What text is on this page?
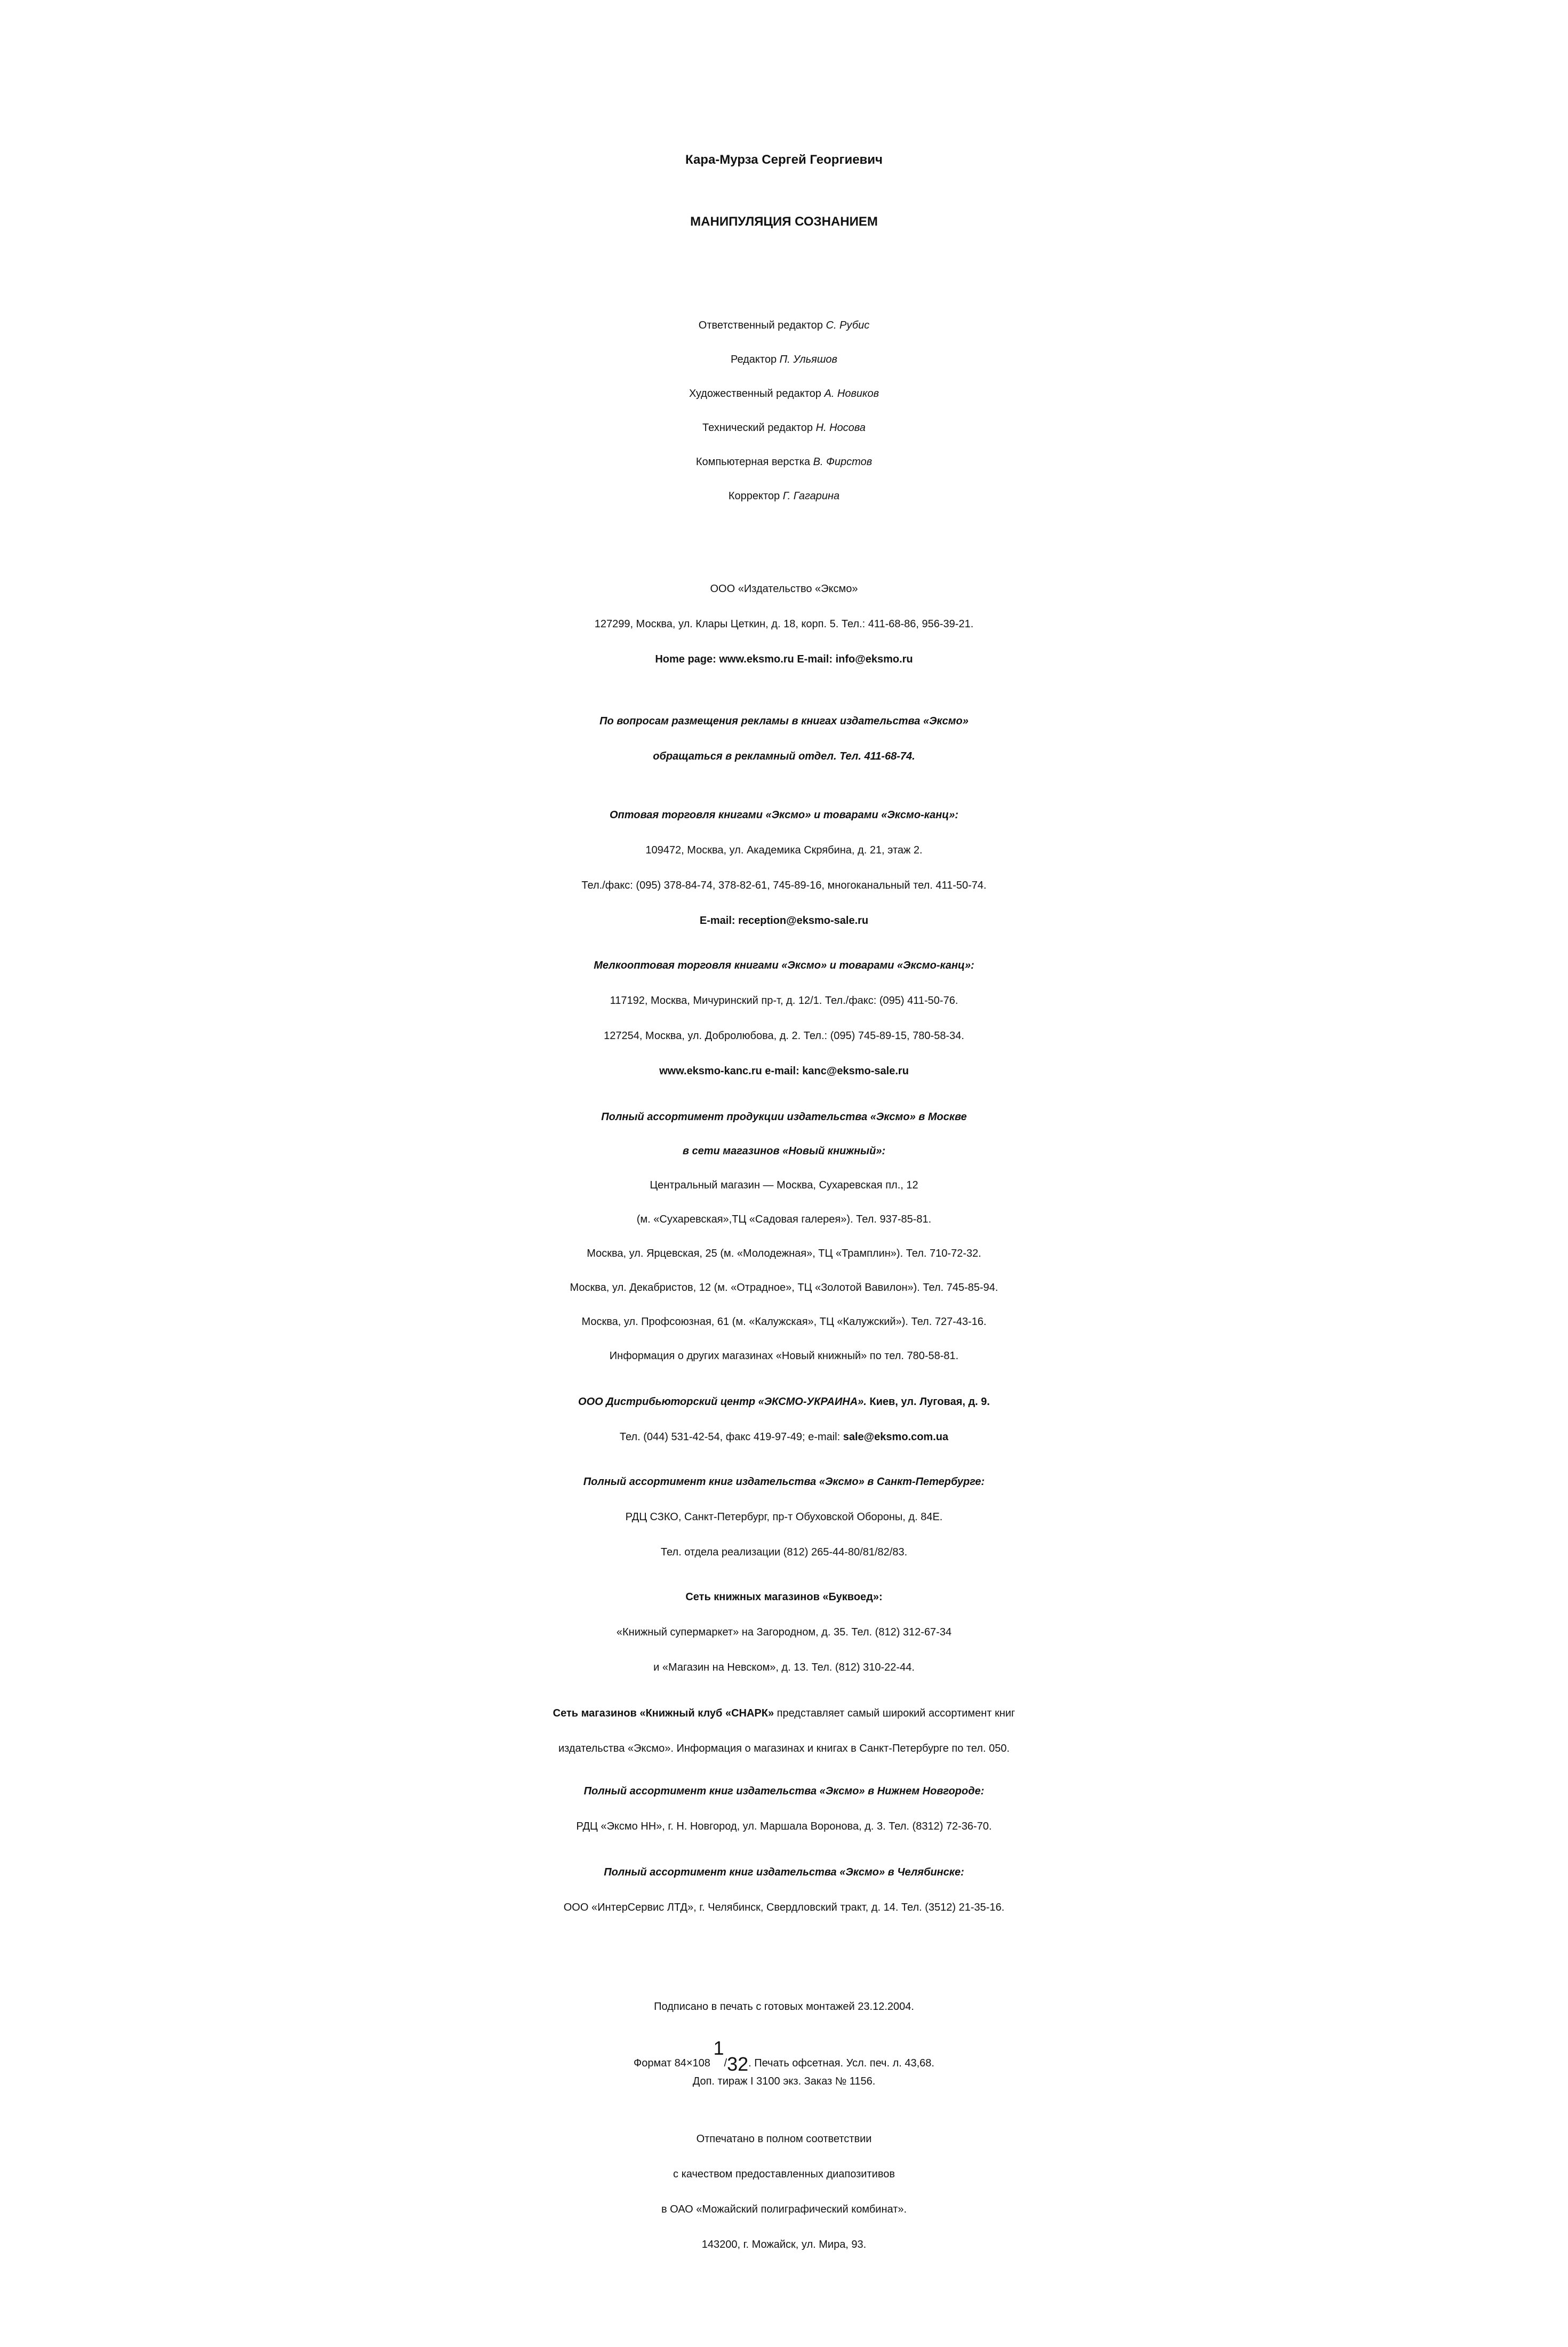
Кара-Мурза Сергей Георгиевич
МАНИПУЛЯЦИЯ СОЗНАНИЕМ
Ответственный редактор С. Рубис
Редактор П. Ульяшов
Художественный редактор А. Новиков
Технический редактор Н. Носова
Компьютерная верстка В. Фирстов
Корректор Г. Гагарина
ООО «Издательство «Эксмо»
127299, Москва, ул. Клары Цеткин, д. 18, корп. 5. Тел.: 411-68-86, 956-39-21.
Home page: www.eksmo.ru E-mail: info@eksmo.ru
По вопросам размещения рекламы в книгах издательства «Эксмо»
обращаться в рекламный отдел. Тел. 411-68-74.
Оптовая торговля книгами «Эксмо» и товарами «Эксмо-канц»:
109472, Москва, ул. Академика Скрябина, д. 21, этаж 2.
Тел./факс: (095) 378-84-74, 378-82-61, 745-89-16, многоканальный тел. 411-50-74.
E-mail: reception@eksmo-sale.ru
Мелкооптовая торговля книгами «Эксмо» и товарами «Эксмо-канц»:
117192, Москва, Мичуринский пр-т, д. 12/1. Тел./факс: (095) 411-50-76.
127254, Москва, ул. Добролюбова, д. 2. Тел.: (095) 745-89-15, 780-58-34.
www.eksmo-kanc.ru e-mail: kanc@eksmo-sale.ru
Полный ассортимент продукции издательства «Эксмо» в Москве
в сети магазинов «Новый книжный»:
Центральный магазин — Москва, Сухаревская пл., 12
(м. «Сухаревская»,ТЦ «Садовая галерея»). Тел. 937-85-81.
Москва, ул. Ярцевская, 25 (м. «Молодежная», ТЦ «Трамплин»). Тел. 710-72-32.
Москва, ул. Декабристов, 12 (м. «Отрадное», ТЦ «Золотой Вавилон»). Тел. 745-85-94.
Москва, ул. Профсоюзная, 61 (м. «Калужская», ТЦ «Калужский»). Тел. 727-43-16.
Информация о других магазинах «Новый книжный» по тел. 780-58-81.
ООО Дистрибьюторский центр «ЭКСМО-УКРАИНА». Киев, ул. Луговая, д. 9.
Тел. (044) 531-42-54, факс 419-97-49; e-mail: sale@eksmo.com.ua
Полный ассортимент книг издательства «Эксмо» в Санкт-Петербурге:
РДЦ СЗКО, Санкт-Петербург, пр-т Обуховской Обороны, д. 84Е.
Тел. отдела реализации (812) 265-44-80/81/82/83.
Сеть книжных магазинов «Буквоед»:
«Книжный супермаркет» на Загородном, д. 35. Тел. (812) 312-67-34
и «Магазин на Невском», д. 13. Тел. (812) 310-22-44.
Сеть магазинов «Книжный клуб «СНАРК» представляет самый широкий ассортимент книг
издательства «Эксмо». Информация о магазинах и книгах в Санкт-Петербурге по тел. 050.
Полный ассортимент книг издательства «Эксмо» в Нижнем Новгороде:
РДЦ «Эксмо НН», г. Н. Новгород, ул. Маршала Воронова, д. 3. Тел. (8312) 72-36-70.
Полный ассортимент книг издательства «Эксмо» в Челябинске:
ООО «ИнтерСервис ЛТД», г. Челябинск, Свердловский тракт, д. 14. Тел. (3512) 21-35-16.
Подписано в печать с готовых монтажей 23.12.2004.
Формат 84×108 $^1/_{32}$. Печать офсетная. Усл. печ. л. 43,68.
Доп. тираж I 3100 экз. Заказ № 1156.
Отпечатано в полном соответствии
с качеством предоставленных диапозитивов
в ОАО «Можайский полиграфический комбинат».
143200, г. Можайск, ул. Мира, 93.
